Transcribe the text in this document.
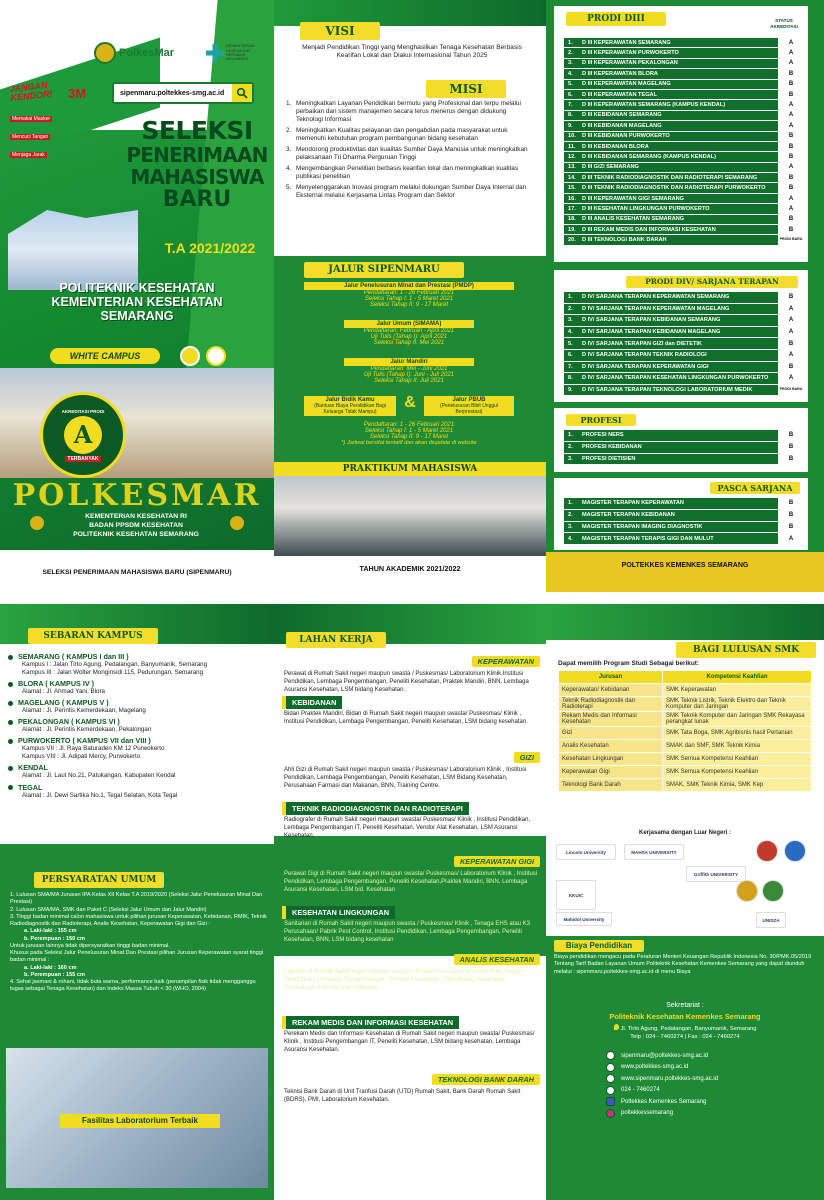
PolkesMar
KEMENTERIAN KESEHATAN REPUBLIK INDONESIA
JANGAN KENDOR! 3M
Memakai Masker
Mencuci Tangan
Menjaga Jarak
sipenmaru.poltekkes-smg.ac.id
SELEKSI
PENERIMAAN
MAHASISWA
BARU
T.A 2021/2022
POLITEKNIK KESEHATAN
KEMENTERIAN KESEHATAN
SEMARANG
WHITE CAMPUS
AKREDITASI PRODI
A
TERBANYAK
POLKESMAR
KEMENTERIAN KESEHATAN RI
BADAN PPSDM KESEHATAN
POLITEKNIK KESEHATAN SEMARANG
SELEKSI PENERIMAAN MAHASISWA BARU (SIPENMARU)
VISI
Menjadi Pendidikan Tinggi yang Menghasilkan Tenaga Kesehatan Berbasis Kearifan Lokal dan Diakui Internasional Tahun 2025
MISI
1. Meningkatkan Layanan Pendidikan bermutu yang Profesional dan terpu melalui perbaikan dan sistem manajemen secara terus menerus dengan didukung Teknologi Informasi
2. Meningkatkan Kualitas pelayanan dan pengabdian pada masyarakat untuk memenuhi kebutuhan program pembangunan bidang kesehatan
3. Mendorong produktivitas dan kualitas Sumber Daya Manusia untuk meningkatkan pelaksanaan Tri Dharma Perguruan Tinggi
4. Mengembangkan Penelitian berbasis kearifan lokal dan meningkatkan kualitas publikasi penelitian
5. Menyelenggarakan Inovasi program melalui dukungan Sumber Daya Internal dan Eksternal melalui Kerjasama Lintas Program dan Sektor
JALUR SIPENMARU
Jalur Penelusuran Minat dan Prestasi (PMDP)
Pendaftaran: 1 - 26 Februari 2021
Seleksi Tahap I: 1 - 5 Maret 2021
Seleksi Tahap II: 9 - 17 Maret
Jalur Umum (SIMAMA)
Pendaftaran: Februari - April 2021
Uji Tulis (Tahap I): April 2021
Seleksi Tahap II: Mei 2021
Jalur Mandiri
Pendaftaran: Mei - Juni 2021
Uji Tulis (Tahap I): Juni - Juli 2021
Seleksi Tahap II: Juli 2021
Jalur Bidik Kamu
(Bantuan Biaya Pendidikan Bagi Keluarga Tidak Mampu)
&	Jalur PBUB
(Penelusuran Bibit Unggul Berprestasi)
Pendaftaran: 1 - 26 Februari 2021
Seleksi Tahap I: 1 - 5 Maret 2021
Seleksi Tahap II: 9 - 17 Maret
*) Jadwal bersifat tentatif dan akan diupdate di website
PRAKTIKUM MAHASISWA
TAHUN AKADEMIK 2021/2022
PRODI DIII	STATUS AKREDITASI
1.	D III KEPERAWATAN SEMARANG	A
2.	D III KEPERAWATAN PURWOKERTO	A
3.	D III KEPERAWATAN PEKALONGAN	A
4.	D III KEPERAWATAN BLORA	B
5.	D III KEPERAWATAN MAGELANG	B
6.	D III KEPERAWATAN TEGAL	B
7.	D III KEPERAWATAN SEMARANG (KAMPUS KENDAL)	A
8.	D III KEBIDANAN SEMARANG	A
9.	D III KEBIDANAN MAGELANG	A
10.	D III KEBIDANAN PURWOKERTO	B
11.	D III KEBIDANAN BLORA	B
12.	D III KEBIDANAN SEMARANG (KAMPUS KENDAL)	B
13.	D III GIZI SEMARANG	A
14.	D III TEKNIK RADIODIAGNOSTIK DAN RADIOTERAPI SEMARANG	B
15.	D III TEKNIK RADIODIAGNOSTIK DAN RADIOTERAPI PURWOKERTO	B
16.	D III KEPERAWATAN GIGI SEMARANG	A
17.	D III KESEHATAN LINGKUNGAN PURWOKERTO	A
18.	D III ANALIS KESEHATAN SEMARANG	B
19.	D III REKAM MEDIS DAN INFORMASI KESEHATAN	B
20.	D III TEKNOLOGI BANK DARAH	PRODI BARU
PRODI DIV/ SARJANA TERAPAN
1.	D IV/ SARJANA TERAPAN KEPERAWATAN SEMARANG	B
2.	D IV/ SARJANA TERAPAN KEPERAWATAN MAGELANG	A
3.	D IV/ SARJANA TERAPAN KEBIDANAN SEMARANG	A
4.	D IV/ SARJANA TERAPAN KEBIDANAN MAGELANG	A
5.	D IV/ SARJANA TERAPAN GIZI dan DIETETIK	B
6.	D IV/ SARJANA TERAPAN TEKNIK RADIOLOGI	A
7.	D IV/ SARJANA TERAPAN KEPERAWATAN GIGI	B
8.	D IV/ SARJANA TERAPAN KESEHATAN LINGKUNGAN PURWOKERTO	A
9.	D IV/ SARJANA TERAPAN TEKNOLOGI LABORATORIUM MEDIK	PRODI BARU
PROFESI
1.	PROFESI NERS	B
2.	PROFESI KEBIDANAN	B
3.	PROFESI DIETISIEN	B
PASCA SARJANA
1.	MAGISTER TERAPAN KEPERAWATAN	B
2.	MAGISTER TERAPAN KEBIDANAN	B
3.	MAGISTER TERAPAN IMAGING DIAGNOSTIK	B
4.	MAGISTER TERAPAN TERAPIS GIGI DAN MULUT	A
POLTEKKES KEMENKES SEMARANG
SEBARAN KAMPUS
SEMARANG ( KAMPUS I dan III )
Kampus I : Jalan Tirto Agung, Pedalangan, Banyumanik, Semarang
Kampus III : Jalan Wolter Monginsidi 115, Pedurungan, Semarang
BLORA ( KAMPUS IV )
Alamat : Jl. Ahmad Yani, Blora
MAGELANG ( KAMPUS V )
Alamat : Jl. Perintis Kemerdekaan, Magelang
PEKALONGAN ( KAMPUS VI )
Alamat : Jl. Perintis Kemerdekaan, Pekalongan
PURWOKERTO ( KAMPUS VII dan VIII )
Kampus VII : Jl. Raya Baturaden KM 12 Purwokerto
Kampus VIII : Jl. Adipati Mercy, Purwokerto
KENDAL
Alamat : Jl. Laut No.21, Patukangan, Kabupaten Kendal
TEGAL
Alamat : Jl. Dewi Sartika No.1, Tegal Selatan, Kota Tegal
PERSYARATAN UMUM
1. Lulusan SMA/MA Jurusan IPA Kelas XII Kelas T.A 2019/2020 (Seleksi Jalur Penelusuran Minat Dan Prestasi)
2. Lulusan SMA/MA, SMK dan Paket C (Seleksi Jalur Umum dan Jalur Mandiri)
3. Tinggi badan minimal calon mahasiswa untuk pilihan jurusan Keperawatan, Kebidanan, RMIK, Teknik Radiodiagnostik dan Radioterapi, Analis Kesehatan, Keperawatan Gigi dan Gizi :
a. Laki-laki : 155 cm
b. Perempuan : 150 cm
Untuk jurusan lainnya tidak dipersyaratkan tinggi badan minimal.
Khusus pada Seleksi Jalur Penelusuran Minat Dan Prestasi pilihan Jurusan Keperawatan syarat tinggi badan minimal :
a. Laki-laki : 160 cm
b. Perempuan : 155 cm
4. Sehat jasmani & rohani, tidak buta warna, performance baik (penampilan fisik tidak mengganggu tugas sebagai Tenaga Kesehatan) dan Indeks Massa Tubuh < 30 (WHO, 2004)
Fasilitas Laboratorium Terbaik
LAHAN KERJA
KEPERAWATAN
Perawat di Rumah Sakit negeri maupun swasta / Puskesmas/ Laboratorium Klinik,Institusi Pendidikan, Lembaga Pengembangan, Peneliti Kesehatan, Praktek Mandiri, BNN, Lembaga Asuransi Kesehatan, LSM bidang Kesehatan.
KEBIDANAN
Bidan Praktek Mandiri, Bidan di Rumah Sakit negeri maupun swasta/ Puskesmas/ Klinik , Institusi Pendidikan, Lembaga Pengembangan, Peneliti Kesehatan, LSM bidang kesehatan.
GIZI
Ahli Gizi di Rumah Sakit negeri maupun swasta / Puskesmas/ Laboratorium Klinik , Institusi Pendidikan, Lembaga Pengembangan, Peneliti Kesehatan, LSM Bidang Kesehatan, Perusahaan Farmasi dan Makanan, BNN, Training Centre.
TEKNIK RADIODIAGNOSTIK DAN RADIOTERAPI
Radiografer di Rumah Sakit negeri maupun swasta/ Puskesmas/ Klinik , Institusi Pendidikan, Lembaga Pengembangan IT, Peneliti Kesehatan, Vendor Alat Kesehatan, LSM Asuransi Kesehatan.
KEPERAWATAN GIGI
Perawat Gigi di Rumah Sakit negeri maupun swasta/ Puskesmas/ Laboratorium Klinik , Institusi Pendidikan, Lembaga Pengembangan, Peneliti Kesehatan,Praktek Mandiri, BNN, Lembaga Asuransi Kesehatan, LSM bid. Kesehatan
KESEHATAN LINGKUNGAN
Sanitarian di Rumah Sakit negeri maupun swasta / Puskesmas/ Klinik , Tenaga EHS atau K3 Perusahaan/ Pabrik Pest Control, Institusi Pendidikan, Lembaga Pengembangan, Peneliti Kesehatan, BNN, LSM bidang kesehatan
ANALIS KESEHATAN
Laboran di Rumah Sakit negeri maupun swasta / Puskesmas/ Laboratorium Klinik ,Institusi Pendidikan, Lembaga Pengembangan, Peneliti Kesehatan, LSM Bidang Kesehatan, Perusahaan Farmasi dan Makanan.
REKAM MEDIS DAN INFORMASI KESEHATAN
Perekam Medis dan Informasi Kesehatan di Rumah Sakit negeri maupun swasta/ Puskesmas/ Klinik , Institusi Pengembangan IT, Peneliti Kesehatan, LSM bidang kesehatan, Lembaga Asuransi Kesehatan.
TEKNOLOGI BANK DARAH
Teknisi Bank Darah di Unit Tranfusi Darah (UTD) Rumah Sakit, Bank Darah Rumah Sakit (BDRS), PMI, Laboratorium Kesehatan.
BAGI LULUSAN SMK
Dapat memilih Program Studi Sebagai berikut:
Jurusan	Kompetensi Keahlian
Keperawatan/ Kebidanan	SMK Keperawatan
Teknik Radiodiagnostik dan Radioterapi	SMK Teknik Listrik, Teknik Elektro dan Teknik Komputer dan Jaringan
Rekam Medis dan Informasi Kesehatan	SMK Teknik Komputer dan Jaringan SMK Rekayasa perangkat lunak
Gizi	SMK Tata Boga, SMK Agribisnis hasil Pertanian
Analis Kesehatan	SMAK dan SMF, SMK Teknik Kimia
Kesehatan Lingkungan	SMK Semua Kompetensi Keahlian
Keperawatan Gigi	SMK Semua Kompetensi Keahlian
Teknologi Bank Darah	SMAK, SMK Teknik Kimia, SMK Kep
Kerjasama dengan Luar Negeri :
Lincoln University	MAHSA UNIVERSITY
Griffith UNIVERSITY
KKUIC
Mahidol University	UNISZA
Biaya Pendidikan
Biaya pendidikan mengacu pada Peraturan Menteri Keuangan Republik Indonesia No. 30/PMK.05/2019 Tentang Tarif Badan Layanan Umum Politeknik Kesehatan Kemenkes Semarang yang dapat diunduh melalui : sipenmaru.poltekkes-smg.ac.id di menu Biaya
Sekretariat :
Politeknik Kesehatan Kemenkes Semarang
Jl. Tirto Agung, Pedalangan, Banyumanik, Semarang
Telp : 024 - 7460274 | Fax : 024 - 7460274
sipenmaru@poltekkes-smg.ac.id
www.poltekkes-smg.ac.id
www.sipenmaru.poltekkes-smg.ac.id
024 - 7460274
Poltekkes Kemenkes Semarang
poltekkessemarang
